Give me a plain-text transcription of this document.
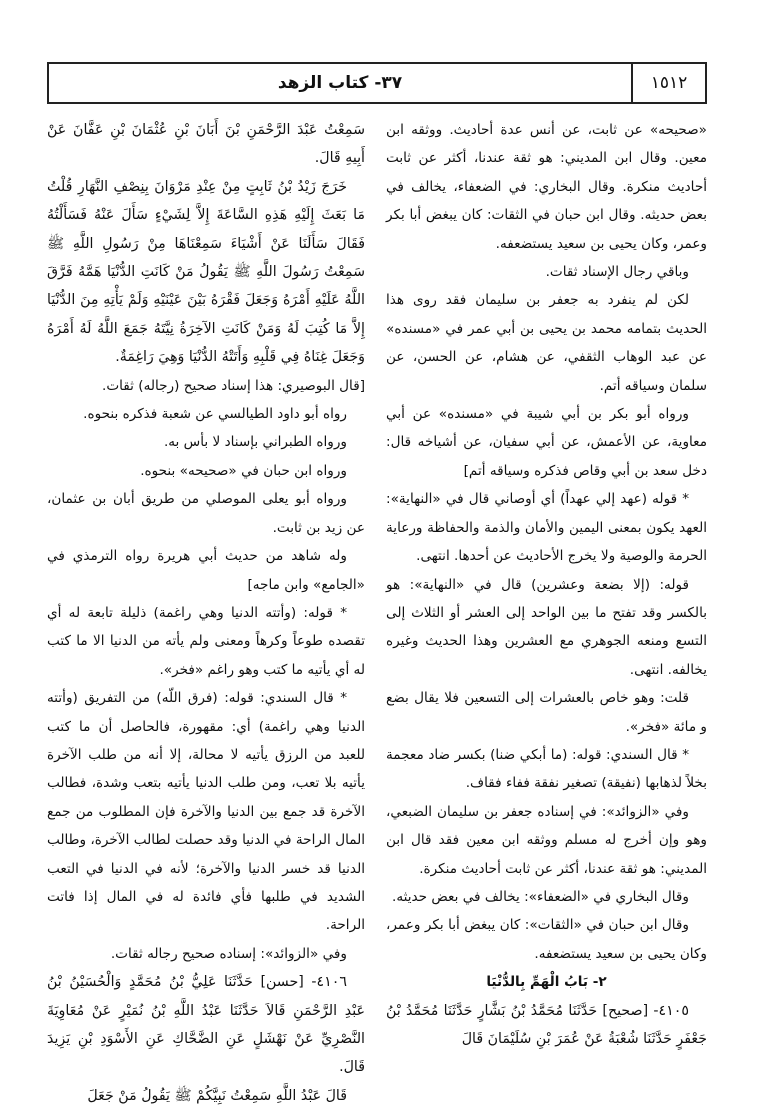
١٥١٢
٣٧- كتاب الزهد

«صحيحه» عن ثابت، عن أنس عدة أحاديث. ووثقه ابن معين. وقال ابن المديني: هو ثقة عندنا، أكثر عن ثابت أحاديث منكرة. وقال البخاري: في الضعفاء، يخالف في بعض حديثه. وقال ابن حبان في الثقات: كان يبغض أبا بكر وعمر، وكان يحيى بن سعيد يستضعفه.

وباقي رجال الإسناد ثقات.

لكن لم ينفرد به جعفر بن سليمان فقد روى هذا الحديث بتمامه محمد بن يحيى بن أبي عمر في «مسنده» عن عبد الوهاب الثقفي، عن هشام، عن الحسن، عن سلمان وسياقه أتم.

ورواه أبو بكر بن أبي شيبة في «مسنده» عن أبي معاوية، عن الأعمش، عن أبي سفيان، عن أشياخه قال: دخل سعد بن أبي وقاص فذكره وسياقه أتم]

* قوله (عهد إلي عهداً) أي أوصاني قال في «النهاية»: العهد يكون بمعنى اليمين والأمان والذمة والحفاظة ورعاية الحرمة والوصية ولا يخرج الأحاديث عن أحدها. انتهى.

قوله: (إلا بضعة وعشرين) قال في «النهاية»: هو بالكسر وقد تفتح ما بين الواحد إلى العشر أو الثلاث إلى التسع ومنعه الجوهري مع العشرين وهذا الحديث وغيره يخالفه. انتهى.

قلت: وهو خاص بالعشرات إلى التسعين فلا يقال بضع و مائة «فخر».

* قال السندي: قوله: (ما أبكي ضنا) بكسر ضاد معجمة بخلاً لذهابها (نفيقة) تصغير نفقة ففاء فقاف.

وفي «الزوائد»: في إسناده جعفر بن سليمان الضبعي، وهو وإن أخرج له مسلم ووثقه ابن معين فقد قال ابن المديني: هو ثقة عندنا، أكثر عن ثابت أحاديث منكرة.

وقال البخاري في «الضعفاء»: يخالف في بعض حديثه.

وقال ابن حبان في «الثقات»: كان يبغض أبا بكر وعمر، وكان يحيى بن سعيد يستضعفه.

٢- بَابُ الْهَمِّ بِالدُّنْيَا

٤١٠٥- [صحيح] حَدَّثَنَا مُحَمَّدُ بْنُ بَشَّارٍ حَدَّثَنَا مُحَمَّدُ بْنُ جَعْفَرٍ حَدَّثَنَا شُعْبَةُ عَنْ عُمَرَ بْنِ سُلَيْمَانَ قَالَ

سَمِعْتُ عَبْدَ الرَّحْمَنِ بْنَ أَبَانَ بْنِ عُثْمَانَ بْنِ عَفَّانَ عَنْ أَبِيهِ قَالَ.

خَرَجَ زَيْدُ بْنُ ثَابِتٍ مِنْ عِنْدِ مَرْوَانَ بِنِصْفِ النَّهَارِ قُلْتُ مَا بَعَثَ إِلَيْهِ هَذِهِ السَّاعَةَ إِلاَّ لِشَيْءٍ سَأَلَ عَنْهُ فَسَأَلْتُهُ فَقَالَ سَأَلَنَا عَنْ أَشْيَاءَ سَمِعْنَاهَا مِنْ رَسُولِ اللَّهِ ﷺ سَمِعْتُ رَسُولَ اللَّهِ ﷺ يَقُولُ مَنْ كَانَتِ الدُّنْيَا هَمَّهُ فَرَّقَ اللَّهُ عَلَيْهِ أَمْرَهُ وَجَعَلَ فَقْرَهُ بَيْنَ عَيْنَيْهِ وَلَمْ يَأْتِهِ مِنَ الدُّنْيَا إِلاَّ مَا كُتِبَ لَهُ وَمَنْ كَانَتِ الآخِرَةُ نِيَّتَهُ جَمَعَ اللَّهُ لَهُ أَمْرَهُ وَجَعَلَ غِنَاهُ فِي قَلْبِهِ وَأَتَتْهُ الدُّنْيَا وَهِيَ رَاغِمَةٌ.

[قال البوصيري: هذا إسناد صحيح (رجاله) ثقات.

رواه أبو داود الطيالسي عن شعبة فذكره بنحوه.

ورواه الطبراني بإسناد لا بأس به.

ورواه ابن حبان في «صحيحه» بنحوه.

ورواه أبو يعلى الموصلي من طريق أبان بن عثمان، عن زيد بن ثابت.

وله شاهد من حديث أبي هريرة رواه الترمذي في «الجامع» وابن ماجه]

* قوله: (وأتته الدنيا وهي راغمة) ذليلة تابعة له أي تقصده طوعاً وكرهاً ومعنى ولم يأته من الدنيا الا ما كتب له أي يأتيه ما كتب وهو راغم «فخر».

* قال السندي: قوله: (فرق اللّه) من التفريق (وأتته الدنيا وهي راغمة) أي: مقهورة، فالحاصل أن ما كتب للعبد من الرزق يأتيه لا محالة، إلا أنه من طلب الآخرة يأتيه بلا تعب، ومن طلب الدنيا يأتيه بتعب وشدة، فطالب الآخرة قد جمع بين الدنيا والآخرة فإن المطلوب من جمع المال الراحة في الدنيا وقد حصلت لطالب الآخرة، وطالب الدنيا قد خسر الدنيا والآخرة؛ لأنه في الدنيا في التعب الشديد في طلبها فأي فائدة له في المال إذا فاتت الراحة.

وفي «الزوائد»: إسناده صحيح رجاله ثقات.

٤١٠٦- [حسن] حَدَّثَنَا عَلِيُّ بْنُ مُحَمَّدٍ وَالْحُسَيْنُ بْنُ عَبْدِ الرَّحْمَنِ قَالاَ حَدَّثَنَا عَبْدُ اللَّهِ بْنُ نُمَيْرٍ عَنْ مُعَاوِيَةَ النَّصْرِيِّ عَنْ نَهْشَلٍ عَنِ الضَّحَّاكِ عَنِ الأَسْوَدِ بْنِ يَزِيدَ قَالَ.

قَالَ عَبْدُ اللَّهِ سَمِعْتُ نَبِيَّكُمْ ﷺ يَقُولُ مَنْ جَعَلَ
